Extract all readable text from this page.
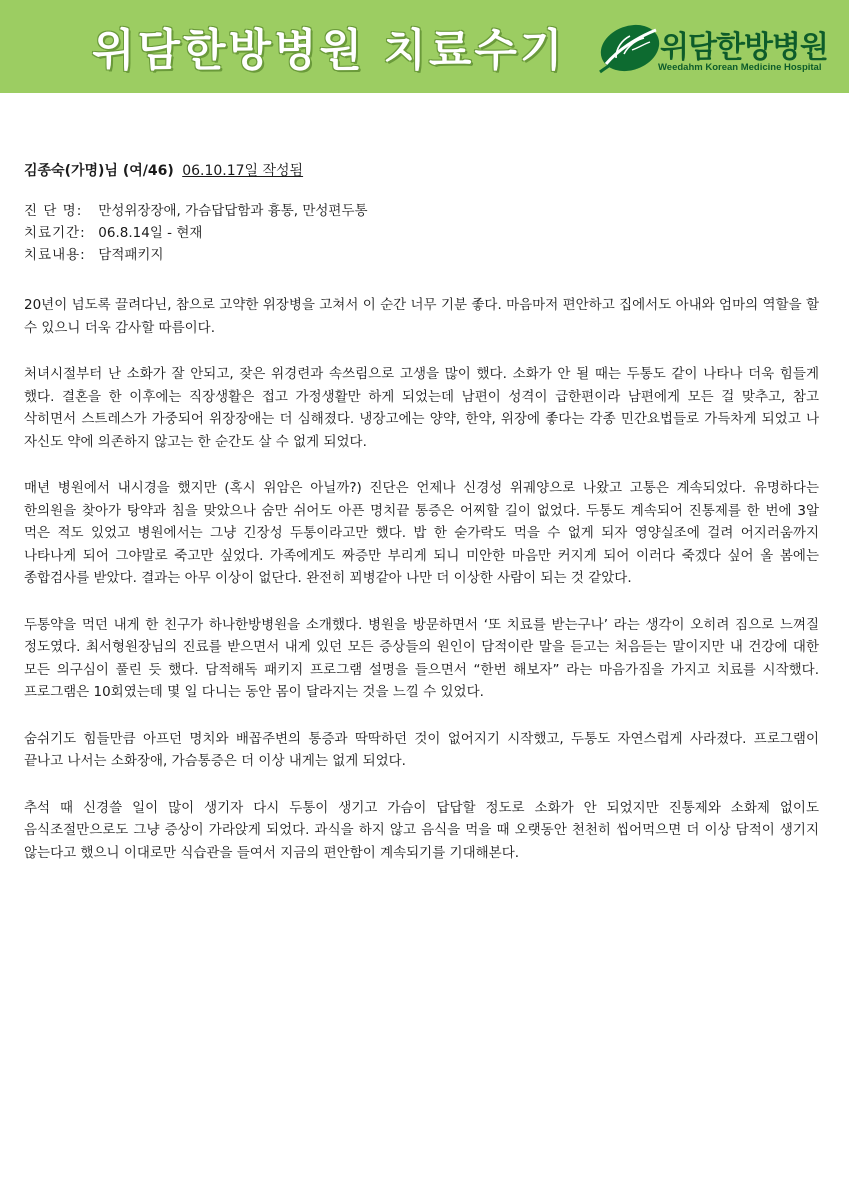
위담한방병원 치료수기	위담한방병원
Weedahm Korean Medicine Hospital
김종숙(가명)님 (여/46) 06.10.17일 작성됨
진 단 명: 만성위장장애, 가슴답답함과 흉통, 만성편두통
치료기간: 06.8.14일 - 현재
치료내용: 담적패키지

20년이 넘도록 끌려다닌, 참으로 고약한 위장병을 고쳐서 이 순간 너무 기분 좋다. 마음마저 편안하고 집에서도 아내와 엄마의 역할을 할 수 있으니 더욱 감사할 따름이다.

처녀시절부터 난 소화가 잘 안되고, 잦은 위경련과 속쓰림으로 고생을 많이 했다. 소화가 안 될 때는 두통도 같이 나타나 더욱 힘들게 했다. 결혼을 한 이후에는 직장생활은 접고 가정생활만 하게 되었는데 남편이 성격이 급한편이라 남편에게 모든 걸 맞추고, 참고 삭히면서 스트레스가 가중되어 위장장애는 더 심해졌다. 냉장고에는 양약, 한약, 위장에 좋다는 각종 민간요법들로 가득차게 되었고 나 자신도 약에 의존하지 않고는 한 순간도 살 수 없게 되었다.

매년 병원에서 내시경을 했지만 (혹시 위암은 아닐까?) 진단은 언제나 신경성 위궤양으로 나왔고 고통은 계속되었다. 유명하다는 한의원을 찾아가 탕약과 침을 맞았으나 숨만 쉬어도 아픈 명치끝 통증은 어찌할 길이 없었다. 두통도 계속되어 진통제를 한 번에 3알 먹은 적도 있었고 병원에서는 그냥 긴장성 두통이라고만 했다. 밥 한 숟가락도 먹을 수 없게 되자 영양실조에 걸려 어지러움까지 나타나게 되어 그야말로 죽고만 싶었다. 가족에게도 짜증만 부리게 되니 미안한 마음만 커지게 되어 이러다 죽겠다 싶어 올 봄에는 종합검사를 받았다. 결과는 아무 이상이 없단다. 완전히 꾀병같아 나만 더 이상한 사람이 되는 것 같았다.

두통약을 먹던 내게 한 친구가 하나한방병원을 소개했다. 병원을 방문하면서 ‘또 치료를 받는구나’ 라는 생각이 오히려 짐으로 느껴질 정도였다. 최서형원장님의 진료를 받으면서 내게 있던 모든 증상들의 원인이 담적이란 말을 듣고는 처음듣는 말이지만 내 건강에 대한 모든 의구심이 풀린 듯 했다. 담적해독 패키지 프로그램 설명을 들으면서 “한번 해보자” 라는 마음가짐을 가지고 치료를 시작했다. 프로그램은 10회였는데 몇 일 다니는 동안 몸이 달라지는 것을 느낄 수 있었다.

숨쉬기도 힘들만큼 아프던 명치와 배꼽주변의 통증과 딱딱하던 것이 없어지기 시작했고, 두통도 자연스럽게 사라졌다. 프로그램이 끝나고 나서는 소화장애, 가슴통증은 더 이상 내게는 없게 되었다.

추석 때 신경쓸 일이 많이 생기자 다시 두통이 생기고 가슴이 답답할 정도로 소화가 안 되었지만 진통제와 소화제 없이도 음식조절만으로도 그냥 증상이 가라앉게 되었다. 과식을 하지 않고 음식을 먹을 때 오랫동안 천천히 씹어먹으면 더 이상 담적이 생기지 않는다고 했으니 이대로만 식습관을 들여서 지금의 편안함이 계속되기를 기대해본다.
